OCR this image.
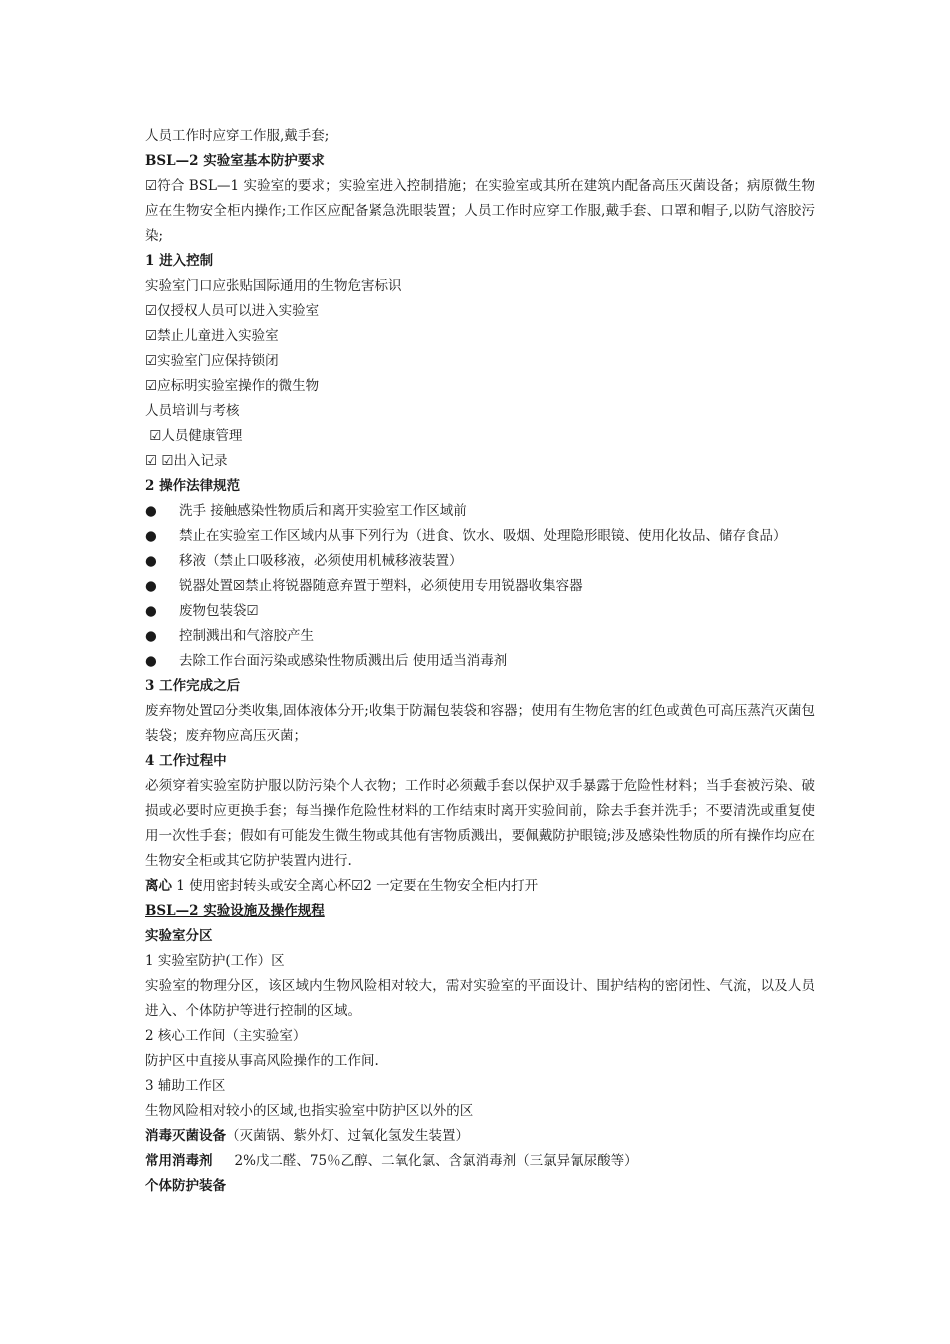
人员工作时应穿工作服,戴手套;
BSL—2 实验室基本防护要求
☑符合 BSL—1 实验室的要求；实验室进入控制措施；在实验室或其所在建筑内配备高压灭菌设备；病原微生物应在生物安全柜内操作;工作区应配备紧急洗眼装置；人员工作时应穿工作服,戴手套、口罩和帽子,以防气溶胶污染;
1 进入控制
实验室门口应张贴国际通用的生物危害标识
☑仅授权人员可以进入实验室
☑禁止儿童进入实验室
☑实验室门应保持锁闭
☑应标明实验室操作的微生物
人员培训与考核
☑人员健康管理
☑ ☑出入记录
2 操作法律规范
● 洗手 接触感染性物质后和离开实验室工作区域前
● 禁止在实验室工作区域内从事下列行为（进食、饮水、吸烟、处理隐形眼镜、使用化妆品、储存食品）
● 移液（禁止口吸移液，必须使用机械移液装置）
● 锐器处置☒禁止将锐器随意弃置于塑料，必须使用专用锐器收集容器
● 废物包装袋☑
● 控制溅出和气溶胶产生
● 去除工作台面污染或感染性物质溅出后 使用适当消毒剂
3 工作完成之后
废弃物处置☑分类收集,固体液体分开;收集于防漏包装袋和容器；使用有生物危害的红色或黄色可高压蒸汽灭菌包装袋；废弃物应高压灭菌；
4 工作过程中
必须穿着实验室防护服以防污染个人衣物；工作时必须戴手套以保护双手暴露于危险性材料；当手套被污染、破损或必要时应更换手套；每当操作危险性材料的工作结束时离开实验间前，除去手套并洗手；不要清洗或重复使用一次性手套；假如有可能发生微生物或其他有害物质溅出，要佩戴防护眼镜;涉及感染性物质的所有操作均应在生物安全柜或其它防护装置内进行.
离心 1 使用密封转头或安全离心杯☑2 一定要在生物安全柜内打开
BSL—2 实验设施及操作规程
实验室分区
1 实验室防护(工作）区
实验室的物理分区，该区域内生物风险相对较大，需对实验室的平面设计、围护结构的密闭性、气流，以及人员进入、个体防护等进行控制的区域。
2 核心工作间（主实验室）
防护区中直接从事高风险操作的工作间.
3 辅助工作区
生物风险相对较小的区域,也指实验室中防护区以外的区
消毒灭菌设备（灭菌锅、紫外灯、过氧化氢发生装置）
常用消毒剂 2%戊二醛、75％乙醇、二氧化氯、含氯消毒剂（三氯异氰尿酸等）
个体防护装备
